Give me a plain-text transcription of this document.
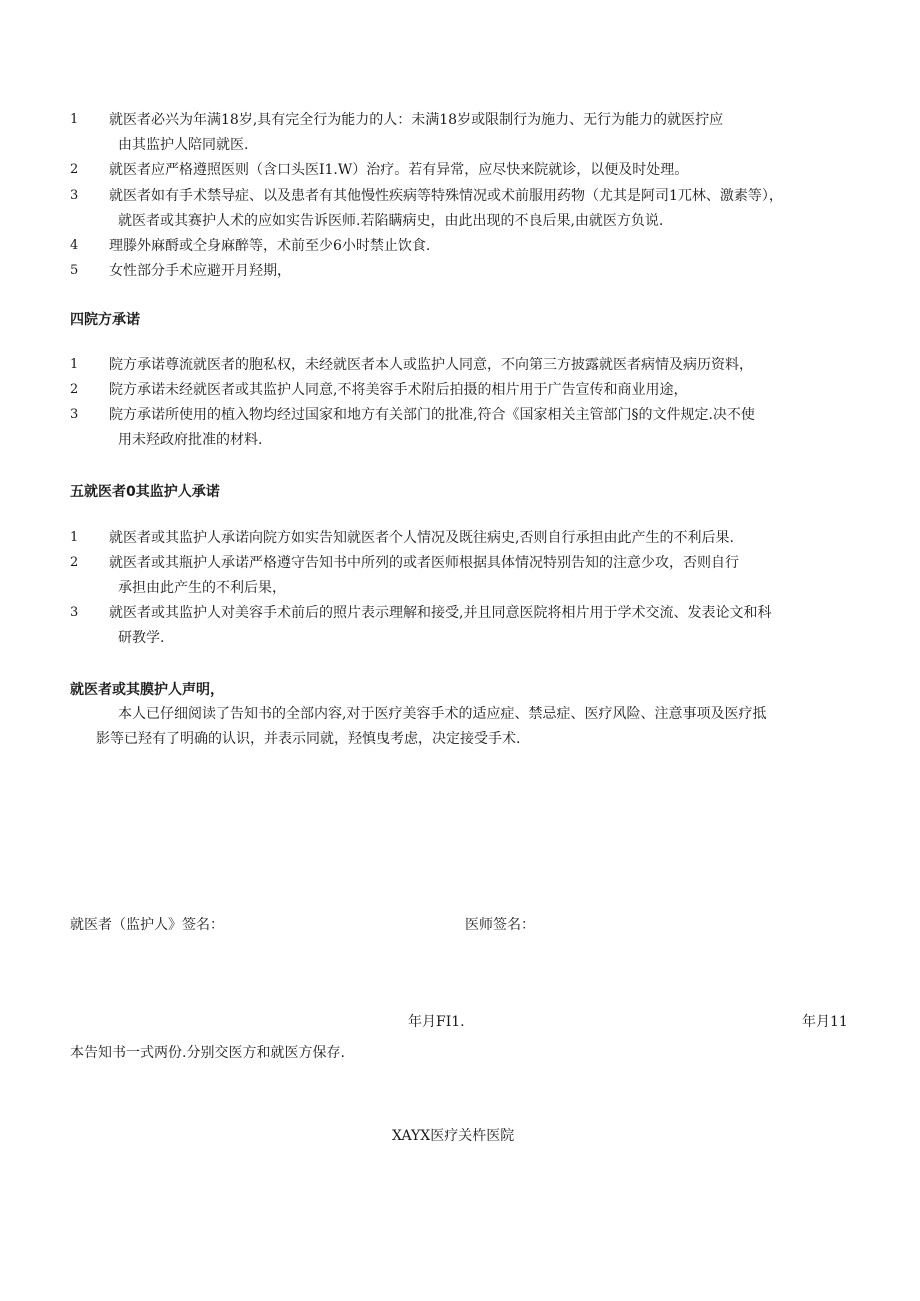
1	就医者必兴为年满18岁,具有完全行为能力的人：未满18岁或限制行为施力、无行为能力的就医拧应
由其监护人陪同就医.
2	就医者应严格遵照医则（含口头医I1.W）治疗。若有异常，应尽快来院就诊，以便及时处理。
3	就医者如有手术禁导症、以及患者有其他慢性疾病等特殊情况或术前服用药物（尤其是阿司1兀林、激素等），
就医者或其赛护人术的应如实告诉医师.若陷瞒病史，由此出现的不良后果,由就医方负说.
4	理滕外麻酹或仝身麻醉等，术前至少6小时禁止饮食.
5	女性部分手术应避开月羟期，
四院方承诺
1	院方承诺尊流就医者的胞私权，未经就医者本人或监护人同意，不向第三方披露就医者病情及病历资料，
2	院方承诺未经就医者或其监护人同意,不将美容手术附后拍摄的相片用于广告宣传和商业用途，
3	院方承诺所使用的植入物均经过国家和地方有关部门的批准,符合《国家相关主管部门§的文件规定.决不使
用未羟政府批准的材料.
五就医者0其监护人承诺
1	就医者或其监护人承诺向院方如实告知就医者个人情况及既往病史,否则自行承担由此产生的不利后果.
2	就医者或其瓶护人承诺严格遵守告知书中所列的或者医师根据具体情况特别告知的注意少攻，否则自行
承担由此产生的不利后果，
3	就医者或其监护人对美容手术前后的照片表示理解和接受,并且同意医院将相片用于学术交流、发表论文和科
研教学.
就医者或其膜护人声明，
本人已仔细阅读了告知书的全部内容,对于医疗美容手术的适应症、禁忌症、医疗风险、注意事项及医疗抵
影等已羟有了明确的认识，并表示同就，羟慎曳考虑，决定接受手术.
就医者（监护人》签名：	医师签名：
年月FI1.	年月11
本告知书一式两份.分别交医方和就医方保存.
XAYX医疗关杵医院
